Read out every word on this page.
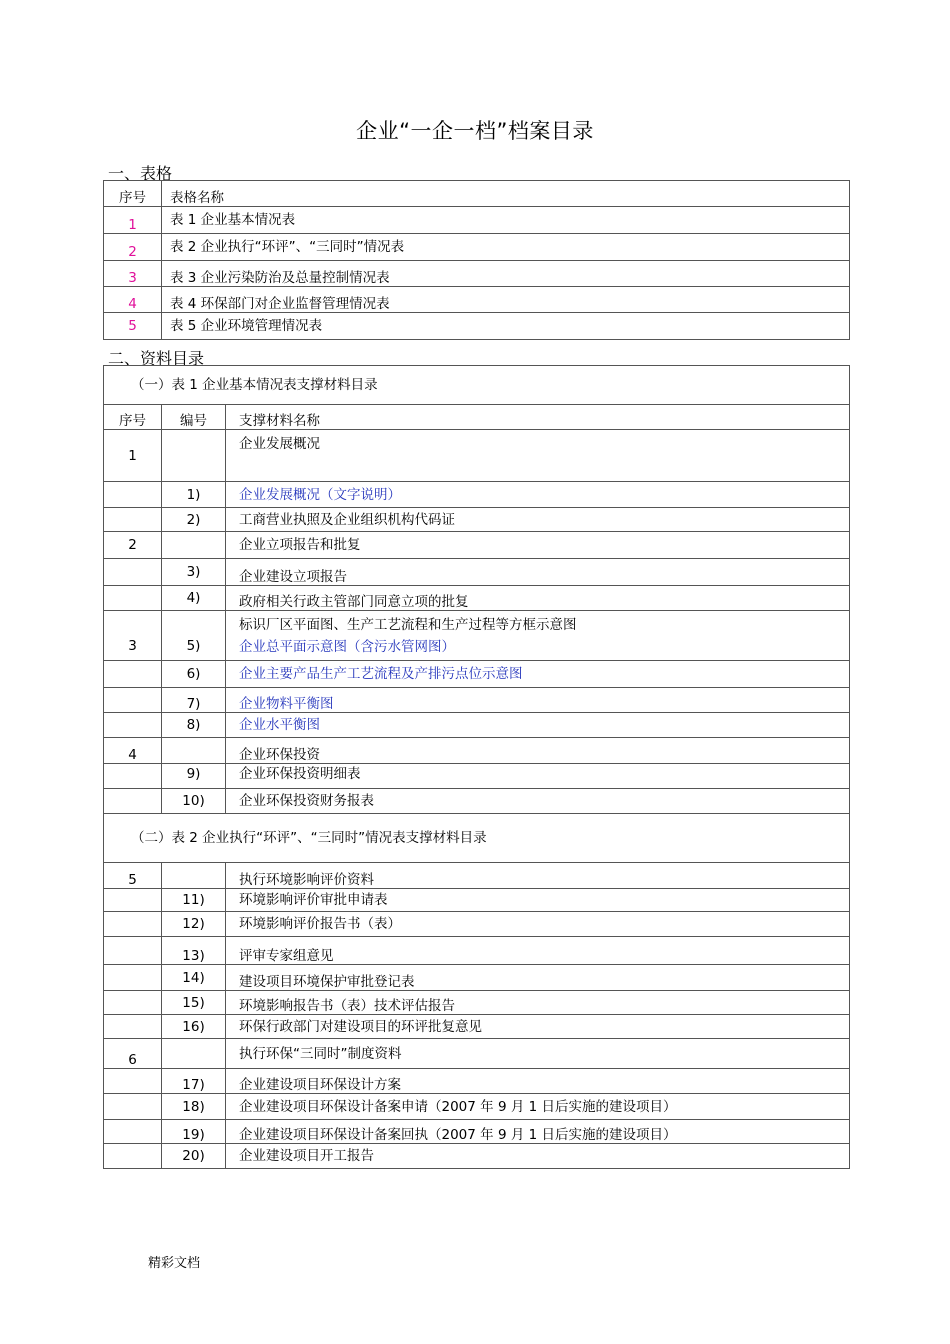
企业“一企一档”档案目录
一、表格
序号	表格名称
1	表 1 企业基本情况表
2	表 2 企业执行“环评”、“三同时”情况表
3	表 3 企业污染防治及总量控制情况表
4	表 4 环保部门对企业监督管理情况表
5	表 5 企业环境管理情况表
二、资料目录
（一）表 1 企业基本情况表支撑材料目录		
序号	编号	支撑材料名称
1		企业发展概况
	1)	企业发展概况（文字说明）
	2)	工商营业执照及企业组织机构代码证
2		企业立项报告和批复
	3)	企业建设立项报告
	4)	政府相关行政主管部门同意立项的批复
3	5)	标识厂区平面图、生产工艺流程和生产过程等方框示意图
企业总平面示意图（含污水管网图）

	6)	企业主要产品生产工艺流程及产排污点位示意图
	7)	企业物料平衡图
	8)	企业水平衡图
4		企业环保投资
	9)	企业环保投资明细表
	10)	企业环保投资财务报表
（二）表 2 企业执行“环评”、“三同时”情况表支撑材料目录		
5		执行环境影响评价资料
	11)	环境影响评价审批申请表
	12)	环境影响评价报告书（表）
	13)	评审专家组意见
	14)	建设项目环境保护审批登记表
	15)	环境影响报告书（表）技术评估报告
	16)	环保行政部门对建设项目的环评批复意见
6		执行环保“三同时”制度资料
	17)	企业建设项目环保设计方案
	18)	企业建设项目环保设计备案申请（2007 年 9 月 1 日后实施的建设项目）
	19)	企业建设项目环保设计备案回执（2007 年 9 月 1 日后实施的建设项目）
	20)	企业建设项目开工报告
精彩文档
